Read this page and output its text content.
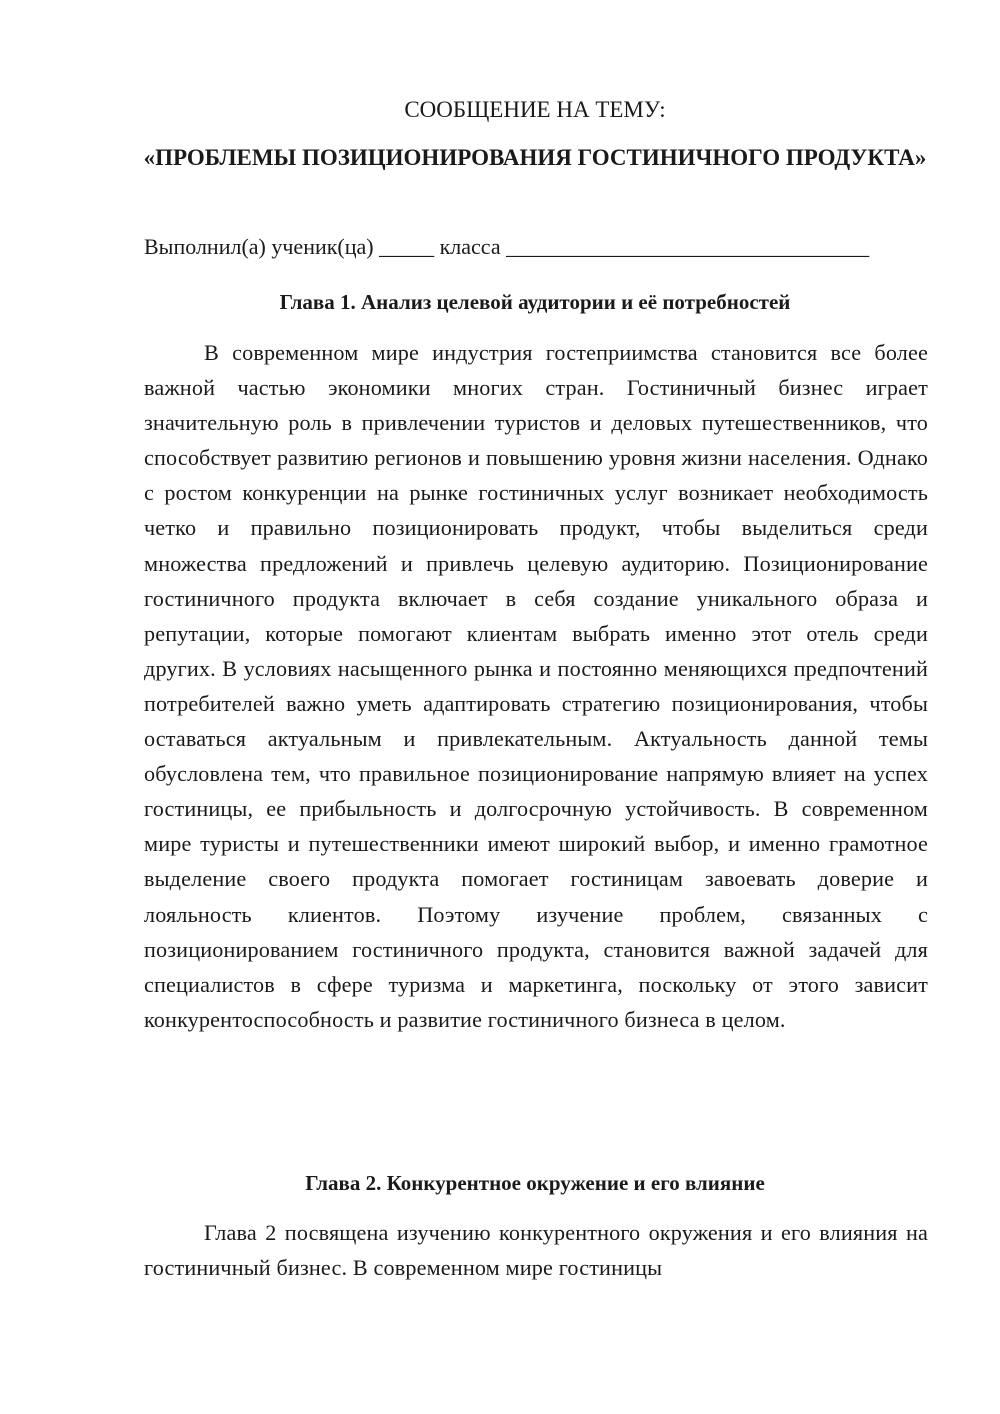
СООБЩЕНИЕ НА ТЕМУ:
«ПРОБЛЕМЫ ПОЗИЦИОНИРОВАНИЯ ГОСТИНИЧНОГО ПРОДУКТА»
Выполнил(а) ученик(ца) _____ класса _________________________________
Глава 1. Анализ целевой аудитории и её потребностей
В современном мире индустрия гостеприимства становится все более важной частью экономики многих стран. Гостиничный бизнес играет значительную роль в привлечении туристов и деловых путешественников, что способствует развитию регионов и повышению уровня жизни населения. Однако с ростом конкуренции на рынке гостиничных услуг возникает необходимость четко и правильно позиционировать продукт, чтобы выделиться среди множества предложений и привлечь целевую аудиторию. Позиционирование гостиничного продукта включает в себя создание уникального образа и репутации, которые помогают клиентам выбрать именно этот отель среди других. В условиях насыщенного рынка и постоянно меняющихся предпочтений потребителей важно уметь адаптировать стратегию позиционирования, чтобы оставаться актуальным и привлекательным. Актуальность данной темы обусловлена тем, что правильное позиционирование напрямую влияет на успех гостиницы, ее прибыльность и долгосрочную устойчивость. В современном мире туристы и путешественники имеют широкий выбор, и именно грамотное выделение своего продукта помогает гостиницам завоевать доверие и лояльность клиентов. Поэтому изучение проблем, связанных с позиционированием гостиничного продукта, становится важной задачей для специалистов в сфере туризма и маркетинга, поскольку от этого зависит конкурентоспособность и развитие гостиничного бизнеса в целом.
Глава 2. Конкурентное окружение и его влияние
Глава 2 посвящена изучению конкурентного окружения и его влияния на гостиничный бизнес. В современном мире гостиницы
